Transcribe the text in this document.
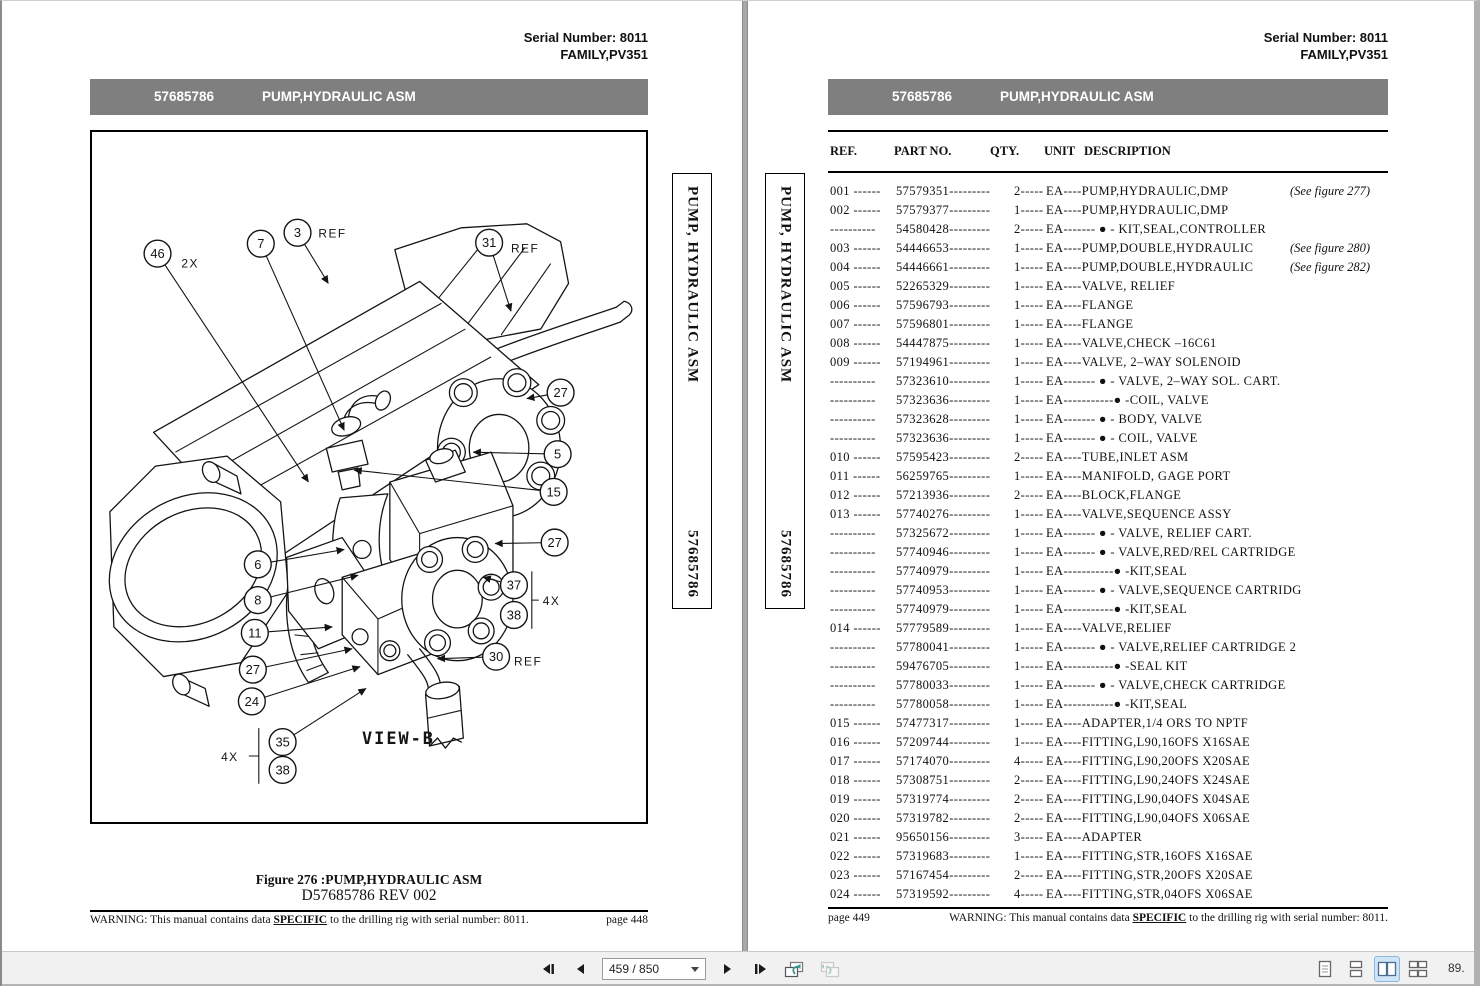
Serial Number: 8011
FAMILY,PV351
57685786	PUMP,HYDRAULIC ASM
4X
4X
VIEW-B
46
2X
7
3 REF
31 REF
27
5
15
27
37
38
30 REF
6
8
11
27
24
35
38
Figure 276 :PUMP,HYDRAULIC ASM
D57685786 REV 002
WARNING: This manual contains data SPECIFIC to the drilling rig with serial number: 8011.	page 448
PUMP, HYDRAULIC ASM
57685786
Serial Number: 8011
FAMILY,PV351
57685786	PUMP,HYDRAULIC ASM
PUMP, HYDRAULIC ASM
57685786
REF.	PART NO.	QTY. UNIT DESCRIPTION
001 ------ 57579351--------- 2----- EA----PUMP,HYDRAULIC,DMP	(See figure 277)
002 ------ 57579377--------- 1----- EA----PUMP,HYDRAULIC,DMP
---------- 54580428--------- 2----- EA------- ● - KIT,SEAL,CONTROLLER
003 ------ 54446653--------- 1----- EA----PUMP,DOUBLE,HYDRAULIC	(See figure 280)
004 ------ 54446661--------- 1----- EA----PUMP,DOUBLE,HYDRAULIC	(See figure 282)
005 ------ 52265329--------- 1----- EA----VALVE, RELIEF
006 ------ 57596793--------- 1----- EA----FLANGE
007 ------ 57596801--------- 1----- EA----FLANGE
008 ------ 54447875--------- 1----- EA----VALVE,CHECK –16C61
009 ------ 57194961--------- 1----- EA----VALVE, 2–WAY SOLENOID
---------- 57323610--------- 1----- EA------- ● - VALVE, 2–WAY SOL. CART.
---------- 57323636--------- 1----- EA-----------● -COIL, VALVE
---------- 57323628--------- 1----- EA------- ● - BODY, VALVE
---------- 57323636--------- 1----- EA------- ● - COIL, VALVE
010 ------ 57595423--------- 2----- EA----TUBE,INLET ASM
011 ------ 56259765--------- 1----- EA----MANIFOLD, GAGE PORT
012 ------ 57213936--------- 2----- EA----BLOCK,FLANGE
013 ------ 57740276--------- 1----- EA----VALVE,SEQUENCE ASSY
---------- 57325672--------- 1----- EA------- ● - VALVE, RELIEF CART.
---------- 57740946--------- 1----- EA------- ● - VALVE,RED/REL CARTRIDGE
---------- 57740979--------- 1----- EA-----------● -KIT,SEAL
---------- 57740953--------- 1----- EA------- ● - VALVE,SEQUENCE CARTRIDG
---------- 57740979--------- 1----- EA-----------● -KIT,SEAL
014 ------ 57779589--------- 1----- EA----VALVE,RELIEF
---------- 57780041--------- 1----- EA------- ● - VALVE,RELIEF CARTRIDGE 2
---------- 59476705--------- 1----- EA-----------● -SEAL KIT
---------- 57780033--------- 1----- EA------- ● - VALVE,CHECK CARTRIDGE
---------- 57780058--------- 1----- EA-----------● -KIT,SEAL
015 ------ 57477317--------- 1----- EA----ADAPTER,1/4 ORS TO NPTF
016 ------ 57209744--------- 1----- EA----FITTING,L90,16OFS X16SAE
017 ------ 57174070--------- 4----- EA----FITTING,L90,20OFS X20SAE
018 ------ 57308751--------- 2----- EA----FITTING,L90,24OFS X24SAE
019 ------ 57319774--------- 2----- EA----FITTING,L90,04OFS X04SAE
020 ------ 57319782--------- 2----- EA----FITTING,L90,04OFS X06SAE
021 ------ 95650156--------- 3----- EA----ADAPTER
022 ------ 57319683--------- 1----- EA----FITTING,STR,16OFS X16SAE
023 ------ 57167454--------- 2----- EA----FITTING,STR,20OFS X20SAE
024 ------ 57319592--------- 4----- EA----FITTING,STR,04OFS X06SAE
page 449	WARNING: This manual contains data SPECIFIC to the drilling rig with serial number: 8011.
459 / 850	89.
